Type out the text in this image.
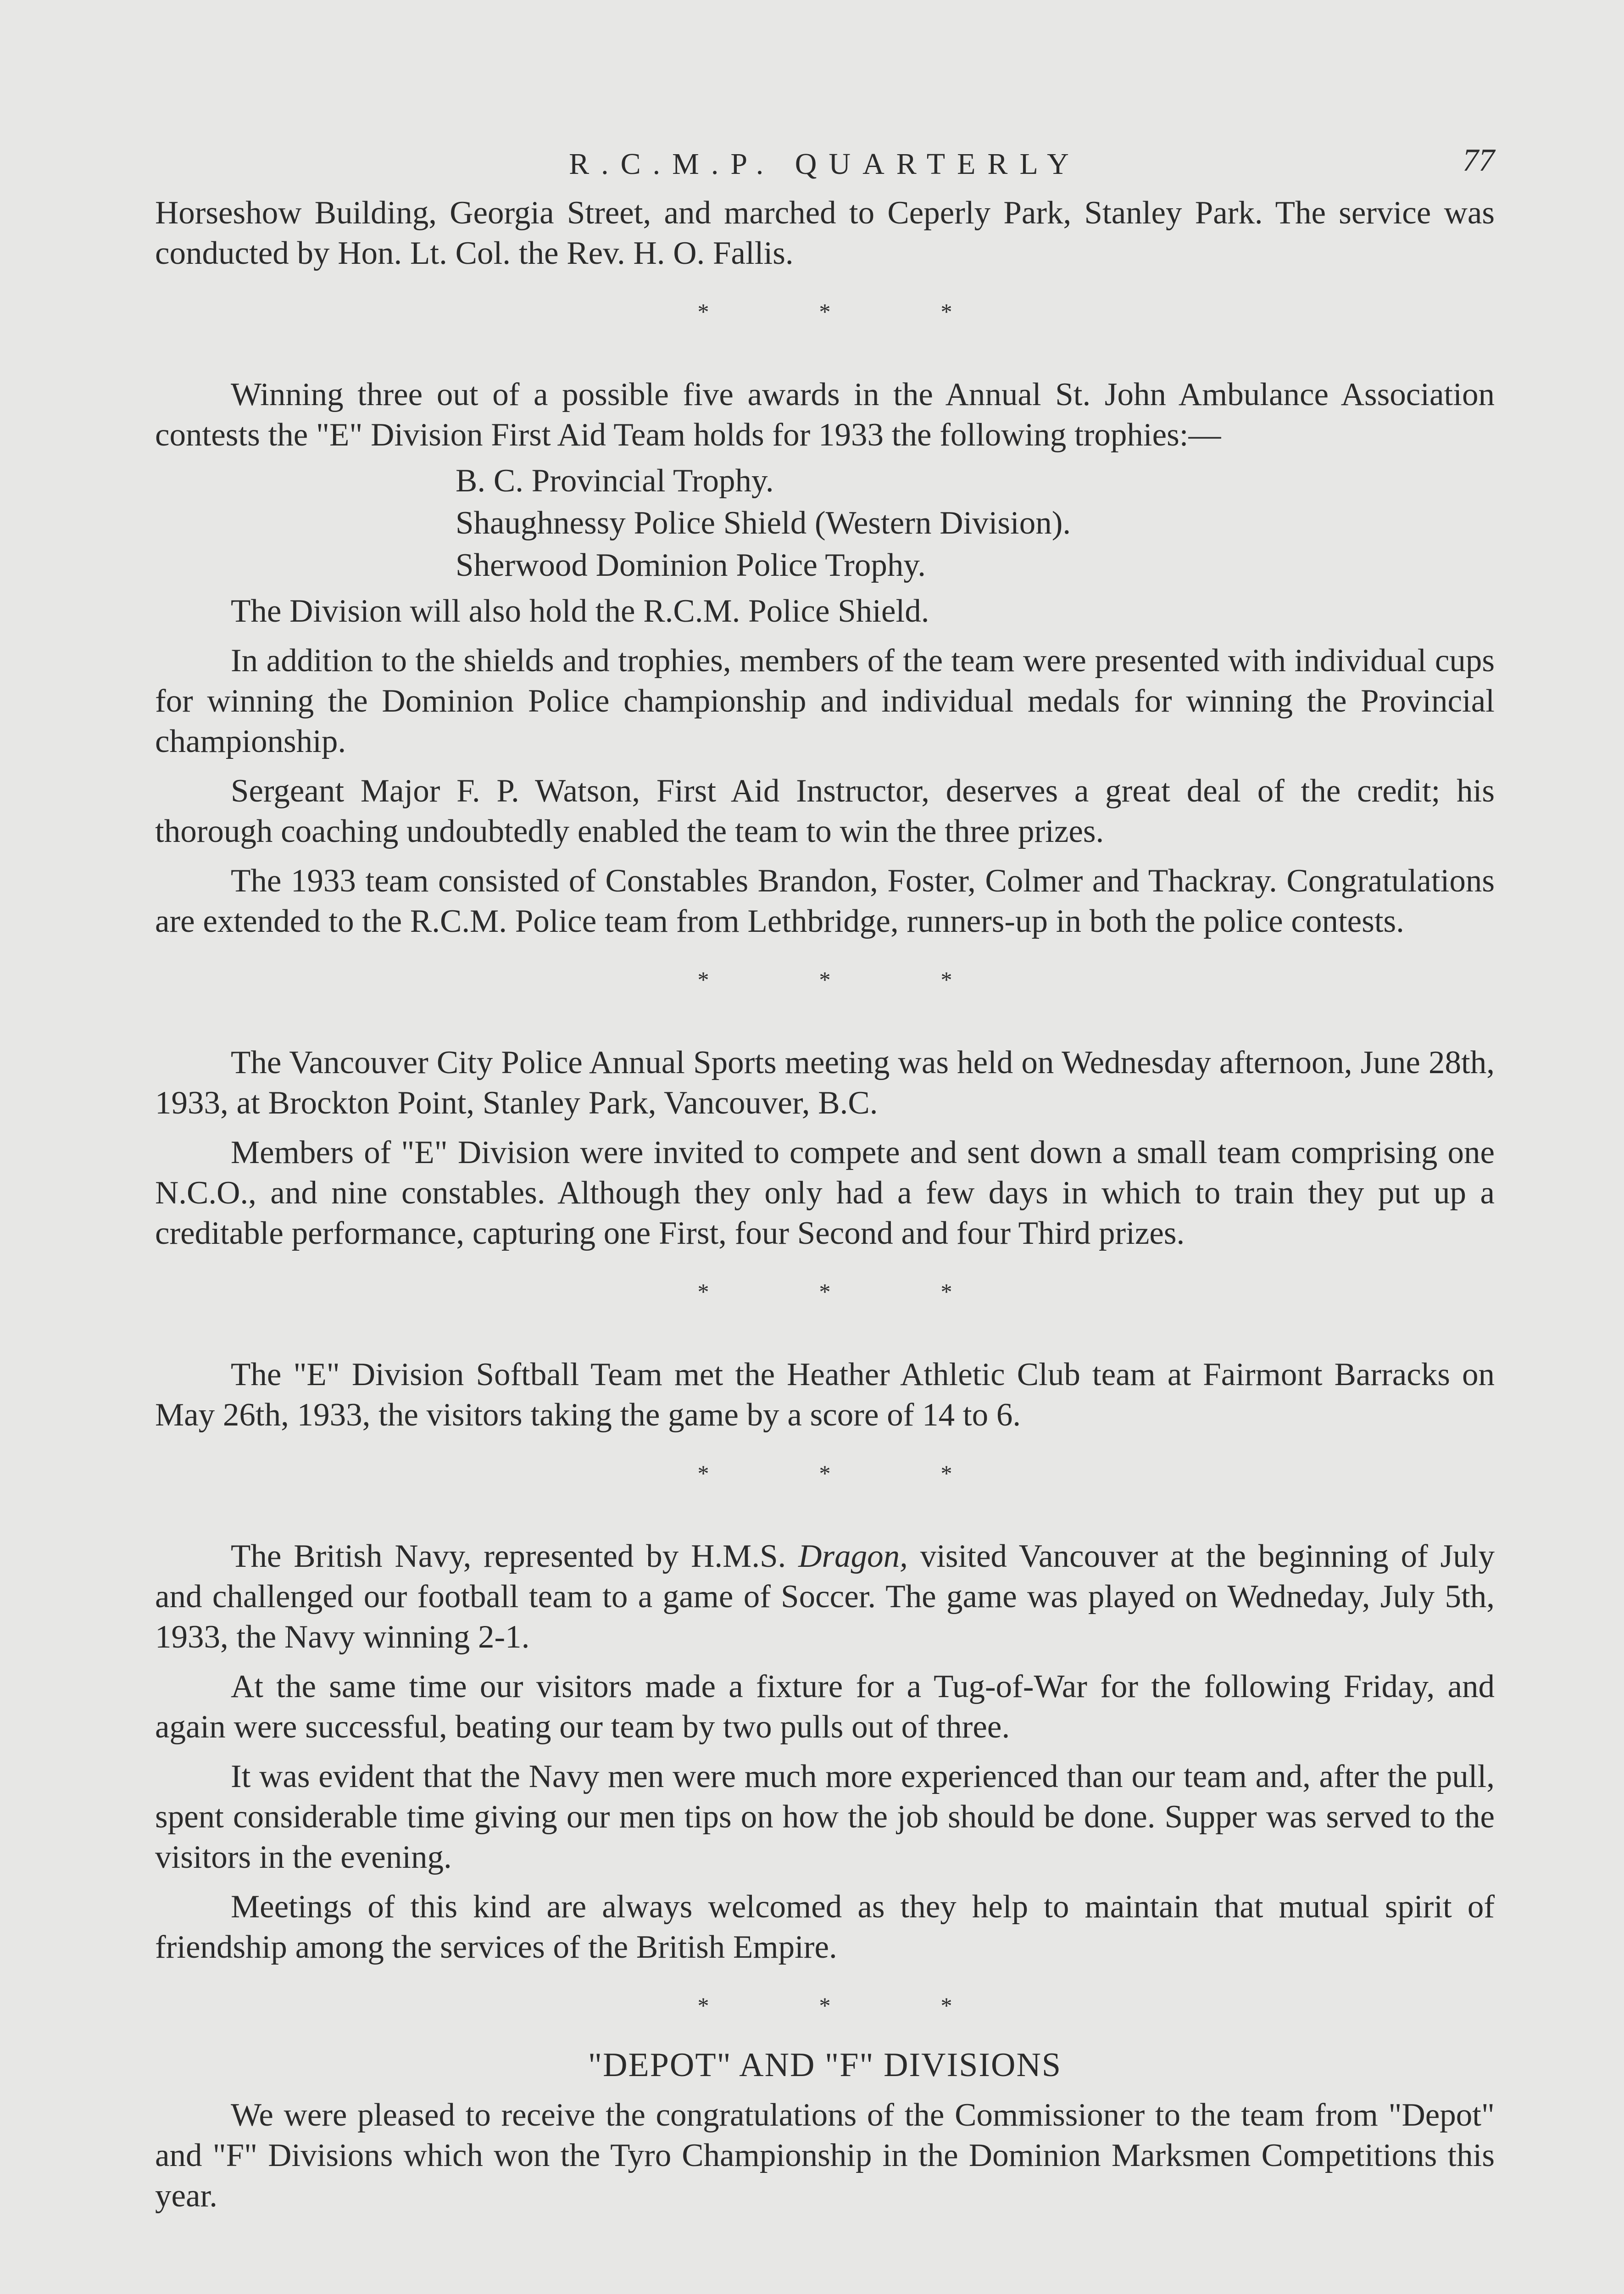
R.C.M.P. QUARTERLY	77

Horseshow Building, Georgia Street, and marched to Ceperly Park, Stanley Park. The service was conducted by Hon. Lt. Col. the Rev. H. O. Fallis.

*	*	*

Winning three out of a possible five awards in the Annual St. John Ambulance Association contests the "E" Division First Aid Team holds for 1933 the following trophies:—

B. C. Provincial Trophy.
Shaughnessy Police Shield (Western Division).
Sherwood Dominion Police Trophy.

The Division will also hold the R.C.M. Police Shield.

In addition to the shields and trophies, members of the team were presented with individual cups for winning the Dominion Police championship and individual medals for winning the Provincial championship.

Sergeant Major F. P. Watson, First Aid Instructor, deserves a great deal of the credit; his thorough coaching undoubtedly enabled the team to win the three prizes.

The 1933 team consisted of Constables Brandon, Foster, Colmer and Thackray. Congratulations are extended to the R.C.M. Police team from Lethbridge, runners-up in both the police contests.

*	*	*

The Vancouver City Police Annual Sports meeting was held on Wednesday afternoon, June 28th, 1933, at Brockton Point, Stanley Park, Vancouver, B.C.

Members of "E" Division were invited to compete and sent down a small team comprising one N.C.O., and nine constables. Although they only had a few days in which to train they put up a creditable performance, capturing one First, four Second and four Third prizes.

*	*	*

The "E" Division Softball Team met the Heather Athletic Club team at Fairmont Barracks on May 26th, 1933, the visitors taking the game by a score of 14 to 6.

*	*	*

The British Navy, represented by H.M.S. Dragon, visited Vancouver at the beginning of July and challenged our football team to a game of Soccer. The game was played on Wedneday, July 5th, 1933, the Navy winning 2-1.

At the same time our visitors made a fixture for a Tug-of-War for the following Friday, and again were successful, beating our team by two pulls out of three.

It was evident that the Navy men were much more experienced than our team and, after the pull, spent considerable time giving our men tips on how the job should be done. Supper was served to the visitors in the evening.

Meetings of this kind are always welcomed as they help to maintain that mutual spirit of friendship among the services of the British Empire.

*	*	*
"DEPOT" AND "F" DIVISIONS

We were pleased to receive the congratulations of the Commissioner to the team from "Depot" and "F" Divisions which won the Tyro Championship in the Dominion Marksmen Competitions this year.
